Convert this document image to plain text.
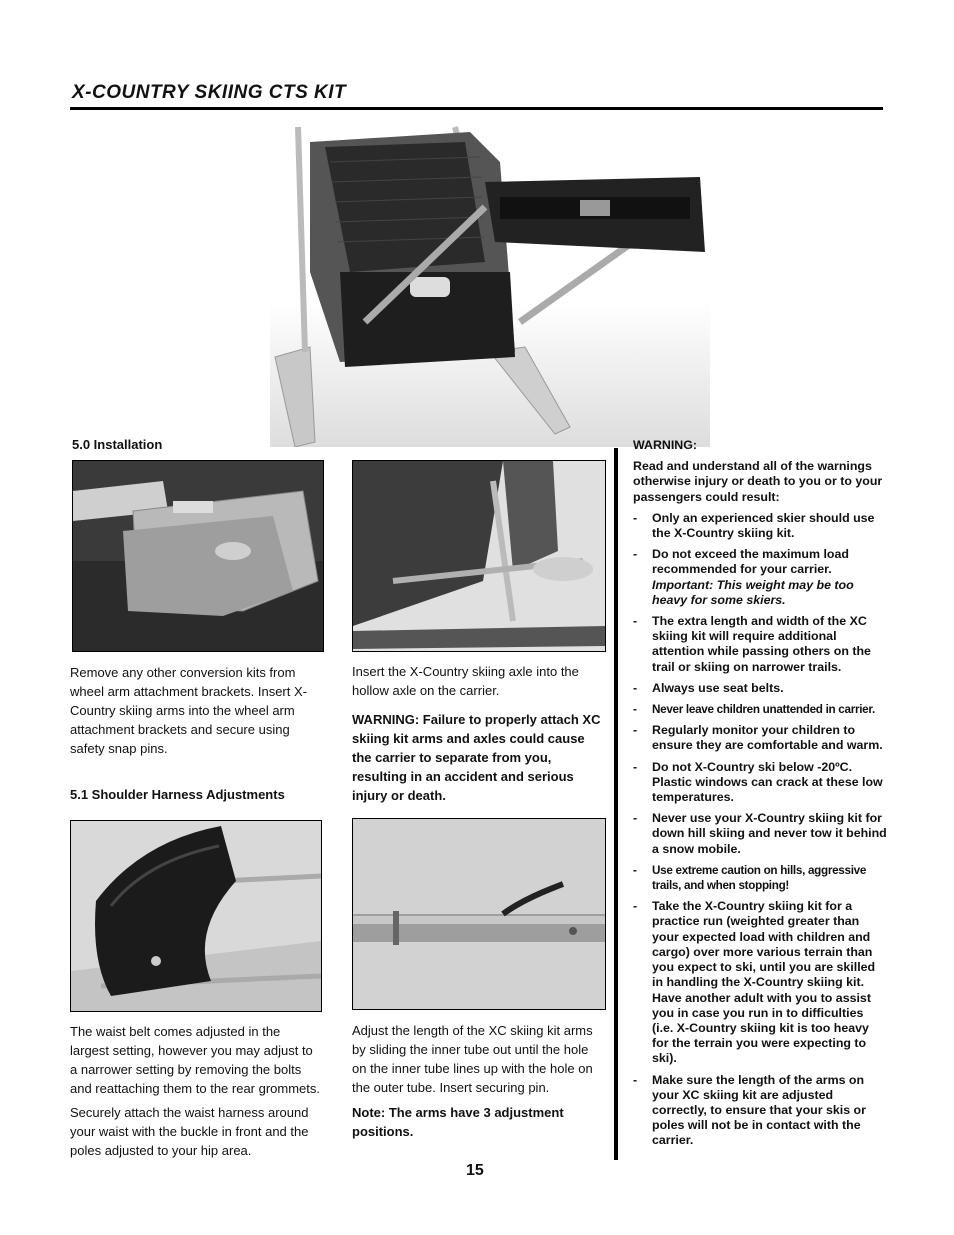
X-COUNTRY SKIING CTS KIT
5.0 Installation
Remove any other conversion kits from wheel arm attachment brackets. Insert X-Country skiing arms into the wheel arm attachment brackets and secure using safety snap pins.
Insert the X-Country skiing axle into the hollow axle on the carrier.
WARNING: Failure to properly attach XC skiing kit arms and axles could cause the carrier to separate from you, resulting in an accident and serious injury or death.
5.1 Shoulder Harness Adjustments
The waist belt comes adjusted in the largest setting, however you may adjust to a narrower setting by removing the bolts and reattaching them to the rear grommets.
Securely attach the waist harness around your waist with the buckle in front and the poles adjusted to your hip area.
Adjust the length of the XC skiing kit arms by sliding the inner tube out until the hole on the inner tube lines up with the hole on the outer tube. Insert securing pin.
Note: The arms have 3 adjustment positions.

WARNING:

Read and understand all of the warnings otherwise injury or death to you or to your passengers could result:

- Only an experienced skier should use the X-Country skiing kit.
- Do not exceed the maximum load recommended for your carrier.
Important: This weight may be too heavy for some skiers.
- The extra length and width of the XC skiing kit will require additional attention while passing others on the trail or skiing on narrower trails.
- Always use seat belts.
- Never leave children unattended in carrier.
- Regularly monitor your children to ensure they are comfortable and warm.
- Do not X-Country ski below -20ºC. Plastic windows can crack at these low temperatures.
- Never use your X-Country skiing kit for down hill skiing and never tow it behind a snow mobile.
- Use extreme caution on hills, aggressive trails, and when stopping!
- Take the X-Country skiing kit for a practice run (weighted greater than your expected load with children and cargo) over more various terrain than you expect to ski, until you are skilled in handling the X-Country skiing kit. Have another adult with you to assist you in case you run in to difficulties (i.e. X-Country skiing kit is too heavy for the terrain you were expecting to ski).
- Make sure the length of the arms on your XC skiing kit are adjusted correctly, to ensure that your skis or poles will not be in contact with the carrier.
15
